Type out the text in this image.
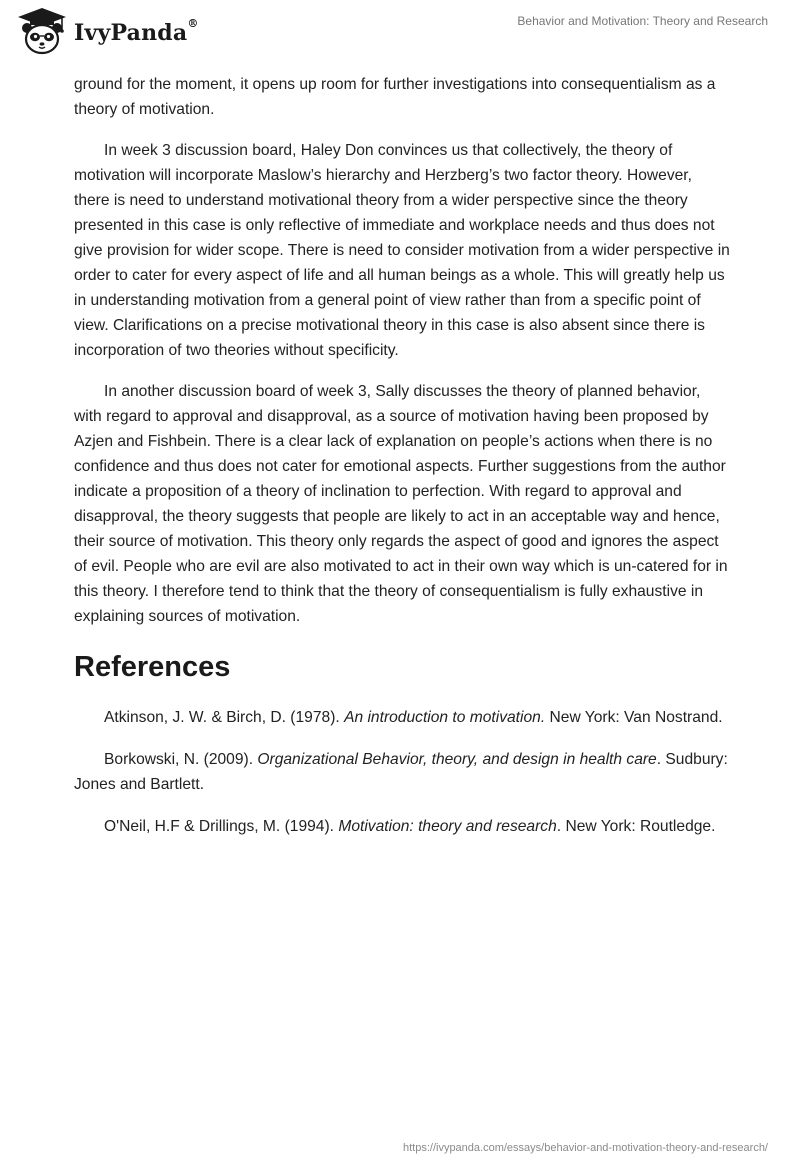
IvyPanda®	Behavior and Motivation: Theory and Research

ground for the moment, it opens up room for further investigations into consequentialism as a theory of motivation.

In week 3 discussion board, Haley Don convinces us that collectively, the theory of motivation will incorporate Maslow’s hierarchy and Herzberg’s two factor theory. However, there is need to understand motivational theory from a wider perspective since the theory presented in this case is only reflective of immediate and workplace needs and thus does not give provision for wider scope. There is need to consider motivation from a wider perspective in order to cater for every aspect of life and all human beings as a whole. This will greatly help us in understanding motivation from a general point of view rather than from a specific point of view. Clarifications on a precise motivational theory in this case is also absent since there is incorporation of two theories without specificity.

In another discussion board of week 3, Sally discusses the theory of planned behavior, with regard to approval and disapproval, as a source of motivation having been proposed by Azjen and Fishbein. There is a clear lack of explanation on people’s actions when there is no confidence and thus does not cater for emotional aspects. Further suggestions from the author indicate a proposition of a theory of inclination to perfection. With regard to approval and disapproval, the theory suggests that people are likely to act in an acceptable way and hence, their source of motivation. This theory only regards the aspect of good and ignores the aspect of evil. People who are evil are also motivated to act in their own way which is un-catered for in this theory. I therefore tend to think that the theory of consequentialism is fully exhaustive in explaining sources of motivation.

References

Atkinson, J. W. & Birch, D. (1978). An introduction to motivation. New York: Van Nostrand.

Borkowski, N. (2009). Organizational Behavior, theory, and design in health care. Sudbury: Jones and Bartlett.

O'Neil, H.F & Drillings, M. (1994). Motivation: theory and research. New York: Routledge.

https://ivypanda.com/essays/behavior-and-motivation-theory-and-research/
